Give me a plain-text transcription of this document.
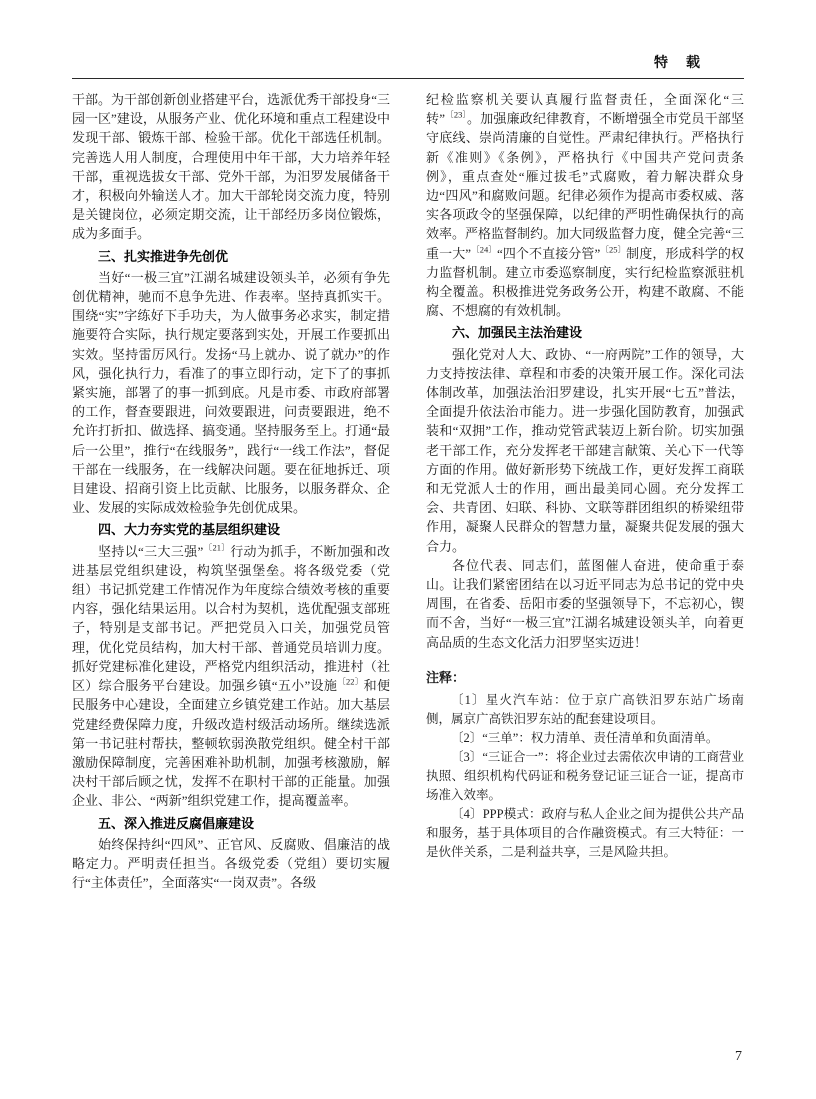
特　载
干部。为干部创新创业搭建平台，选派优秀干部投身“三园一区”建设，从服务产业、优化环境和重点工程建设中发现干部、锻炼干部、检验干部。优化干部选任机制。完善选人用人制度，合理使用中年干部，大力培养年轻干部，重视选拔女干部、党外干部，为汨罗发展储备干才，积极向外输送人才。加大干部轮岗交流力度，特别是关键岗位，必须定期交流，让干部经历多岗位锻炼，成为多面手。
三、扎实推进争先创优
当好“一极三宜”江湖名城建设领头羊，必须有争先创优精神，驰而不息争先进、作表率。坚持真抓实干。围绕“实”字练好下手功夫，为人做事务必求实，制定措施要符合实际，执行规定要落到实处，开展工作要抓出实效。坚持雷厉风行。发扬“马上就办、说了就办”的作风，强化执行力，看准了的事立即行动，定下了的事抓紧实施，部署了的事一抓到底。凡是市委、市政府部署的工作，督查要跟进，问效要跟进，问责要跟进，绝不允许打折扣、做选择、搞变通。坚持服务至上。打通“最后一公里”，推行“在线服务”，践行“一线工作法”，督促干部在一线服务，在一线解决问题。要在征地拆迁、项目建设、招商引资上比贡献、比服务，以服务群众、企业、发展的实际成效检验争先创优成果。
四、大力夯实党的基层组织建设
坚持以“三大三强”$^{〔21〕}$行动为抓手，不断加强和改进基层党组织建设，构筑坚强堡垒。将各级党委（党组）书记抓党建工作情况作为年度综合绩效考核的重要内容，强化结果运用。以合村为契机，选优配强支部班子，特别是支部书记。严把党员入口关，加强党员管理，优化党员结构，加大村干部、普通党员培训力度。抓好党建标准化建设，严格党内组织活动，推进村（社区）综合服务平台建设。加强乡镇“五小”设施$^{〔22〕}$和便民服务中心建设，全面建立乡镇党建工作站。加大基层党建经费保障力度，升级改造村级活动场所。继续选派第一书记驻村帮扶，整顿软弱涣散党组织。健全村干部激励保障制度，完善困难补助机制，加强考核激励，解决村干部后顾之忧，发挥不在职村干部的正能量。加强企业、非公、“两新”组织党建工作，提高覆盖率。
五、深入推进反腐倡廉建设
始终保持纠“四风”、正官风、反腐败、倡廉洁的战略定力。严明责任担当。各级党委（党组）要切实履行“主体责任”，全面落实“一岗双责”。各级
纪检监察机关要认真履行监督责任，全面深化“三转”$^{〔23〕}$。加强廉政纪律教育，不断增强全市党员干部坚守底线、崇尚清廉的自觉性。严肃纪律执行。严格执行新《准则》《条例》，严格执行《中国共产党问责条例》，重点查处“雁过拔毛”式腐败，着力解决群众身边“四风”和腐败问题。纪律必须作为提高市委权威、落实各项政令的坚强保障，以纪律的严明性确保执行的高效率。严格监督制约。加大同级监督力度，健全完善“三重一大”$^{〔24〕}$“四个不直接分管”$^{〔25〕}$制度，形成科学的权力监督机制。建立市委巡察制度，实行纪检监察派驻机构全覆盖。积极推进党务政务公开，构建不敢腐、不能腐、不想腐的有效机制。
六、加强民主法治建设
强化党对人大、政协、“一府两院”工作的领导，大力支持按法律、章程和市委的决策开展工作。深化司法体制改革，加强法治汨罗建设，扎实开展“七五”普法，全面提升依法治市能力。进一步强化国防教育，加强武装和“双拥”工作，推动党管武装迈上新台阶。切实加强老干部工作，充分发挥老干部建言献策、关心下一代等方面的作用。做好新形势下统战工作，更好发挥工商联和无党派人士的作用，画出最美同心圆。充分发挥工会、共青团、妇联、科协、文联等群团组织的桥梁纽带作用，凝聚人民群众的智慧力量，凝聚共促发展的强大合力。
各位代表、同志们，蓝图催人奋进，使命重于泰山。让我们紧密团结在以习近平同志为总书记的党中央周围，在省委、岳阳市委的坚强领导下，不忘初心，锲而不舍，当好“一极三宜”江湖名城建设领头羊，向着更高品质的生态文化活力汨罗坚实迈进！
注释：
〔1〕星火汽车站：位于京广高铁汨罗东站广场南侧，属京广高铁汨罗东站的配套建设项目。
〔2〕“三单”：权力清单、责任清单和负面清单。
〔3〕“三证合一”：将企业过去需依次申请的工商营业执照、组织机构代码证和税务登记证三证合一证，提高市场准入效率。
〔4〕PPP模式：政府与私人企业之间为提供公共产品和服务，基于具体项目的合作融资模式。有三大特征：一是伙伴关系，二是利益共享，三是风险共担。
7
